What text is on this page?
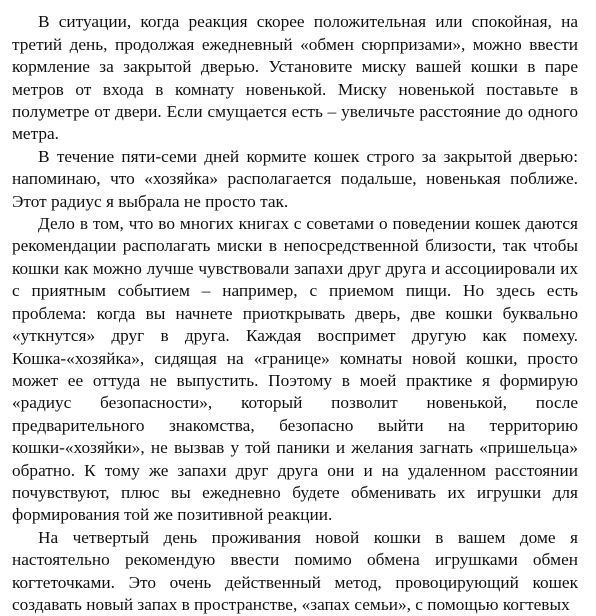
В ситуации, когда реакция скорее положительная или спокойная, на третий день, продолжая ежедневный «обмен сюрпризами», можно ввести кормление за закрытой дверью. Установите миску вашей кошки в паре метров от входа в комнату новенькой. Миску новенькой поставьте в полуметре от двери. Если смущается есть – увеличьте расстояние до одного метра.

В течение пяти-семи дней кормите кошек строго за закрытой дверью: напоминаю, что «хозяйка» располагается подальше, новенькая поближе. Этот радиус я выбрала не просто так.

Дело в том, что во многих книгах с советами о поведении кошек даются рекомендации располагать миски в непосредственной близости, так чтобы кошки как можно лучше чувствовали запахи друг друга и ассоциировали их с приятным событием – например, с приемом пищи. Но здесь есть проблема: когда вы начнете приоткрывать дверь, две кошки буквально «уткнутся» друг в друга. Каждая воспримет другую как помеху. Кошка-«хозяйка», сидящая на «границе» комнаты новой кошки, просто может ее оттуда не выпустить. Поэтому в моей практике я формирую «радиус безопасности», который позволит новенькой, после предварительного знакомства, безопасно выйти на территорию кошки-«хозяйки», не вызвав у той паники и желания загнать «пришельца» обратно. К тому же запахи друг друга они и на удаленном расстоянии почувствуют, плюс вы ежедневно будете обменивать их игрушки для формирования той же позитивной реакции.

На четвертый день проживания новой кошки в вашем доме я настоятельно рекомендую ввести помимо обмена игрушками обмен когтеточками. Это очень действенный метод, провоцирующий кошек создавать новый запах в пространстве, «запах семьи», с помощью когтевых
